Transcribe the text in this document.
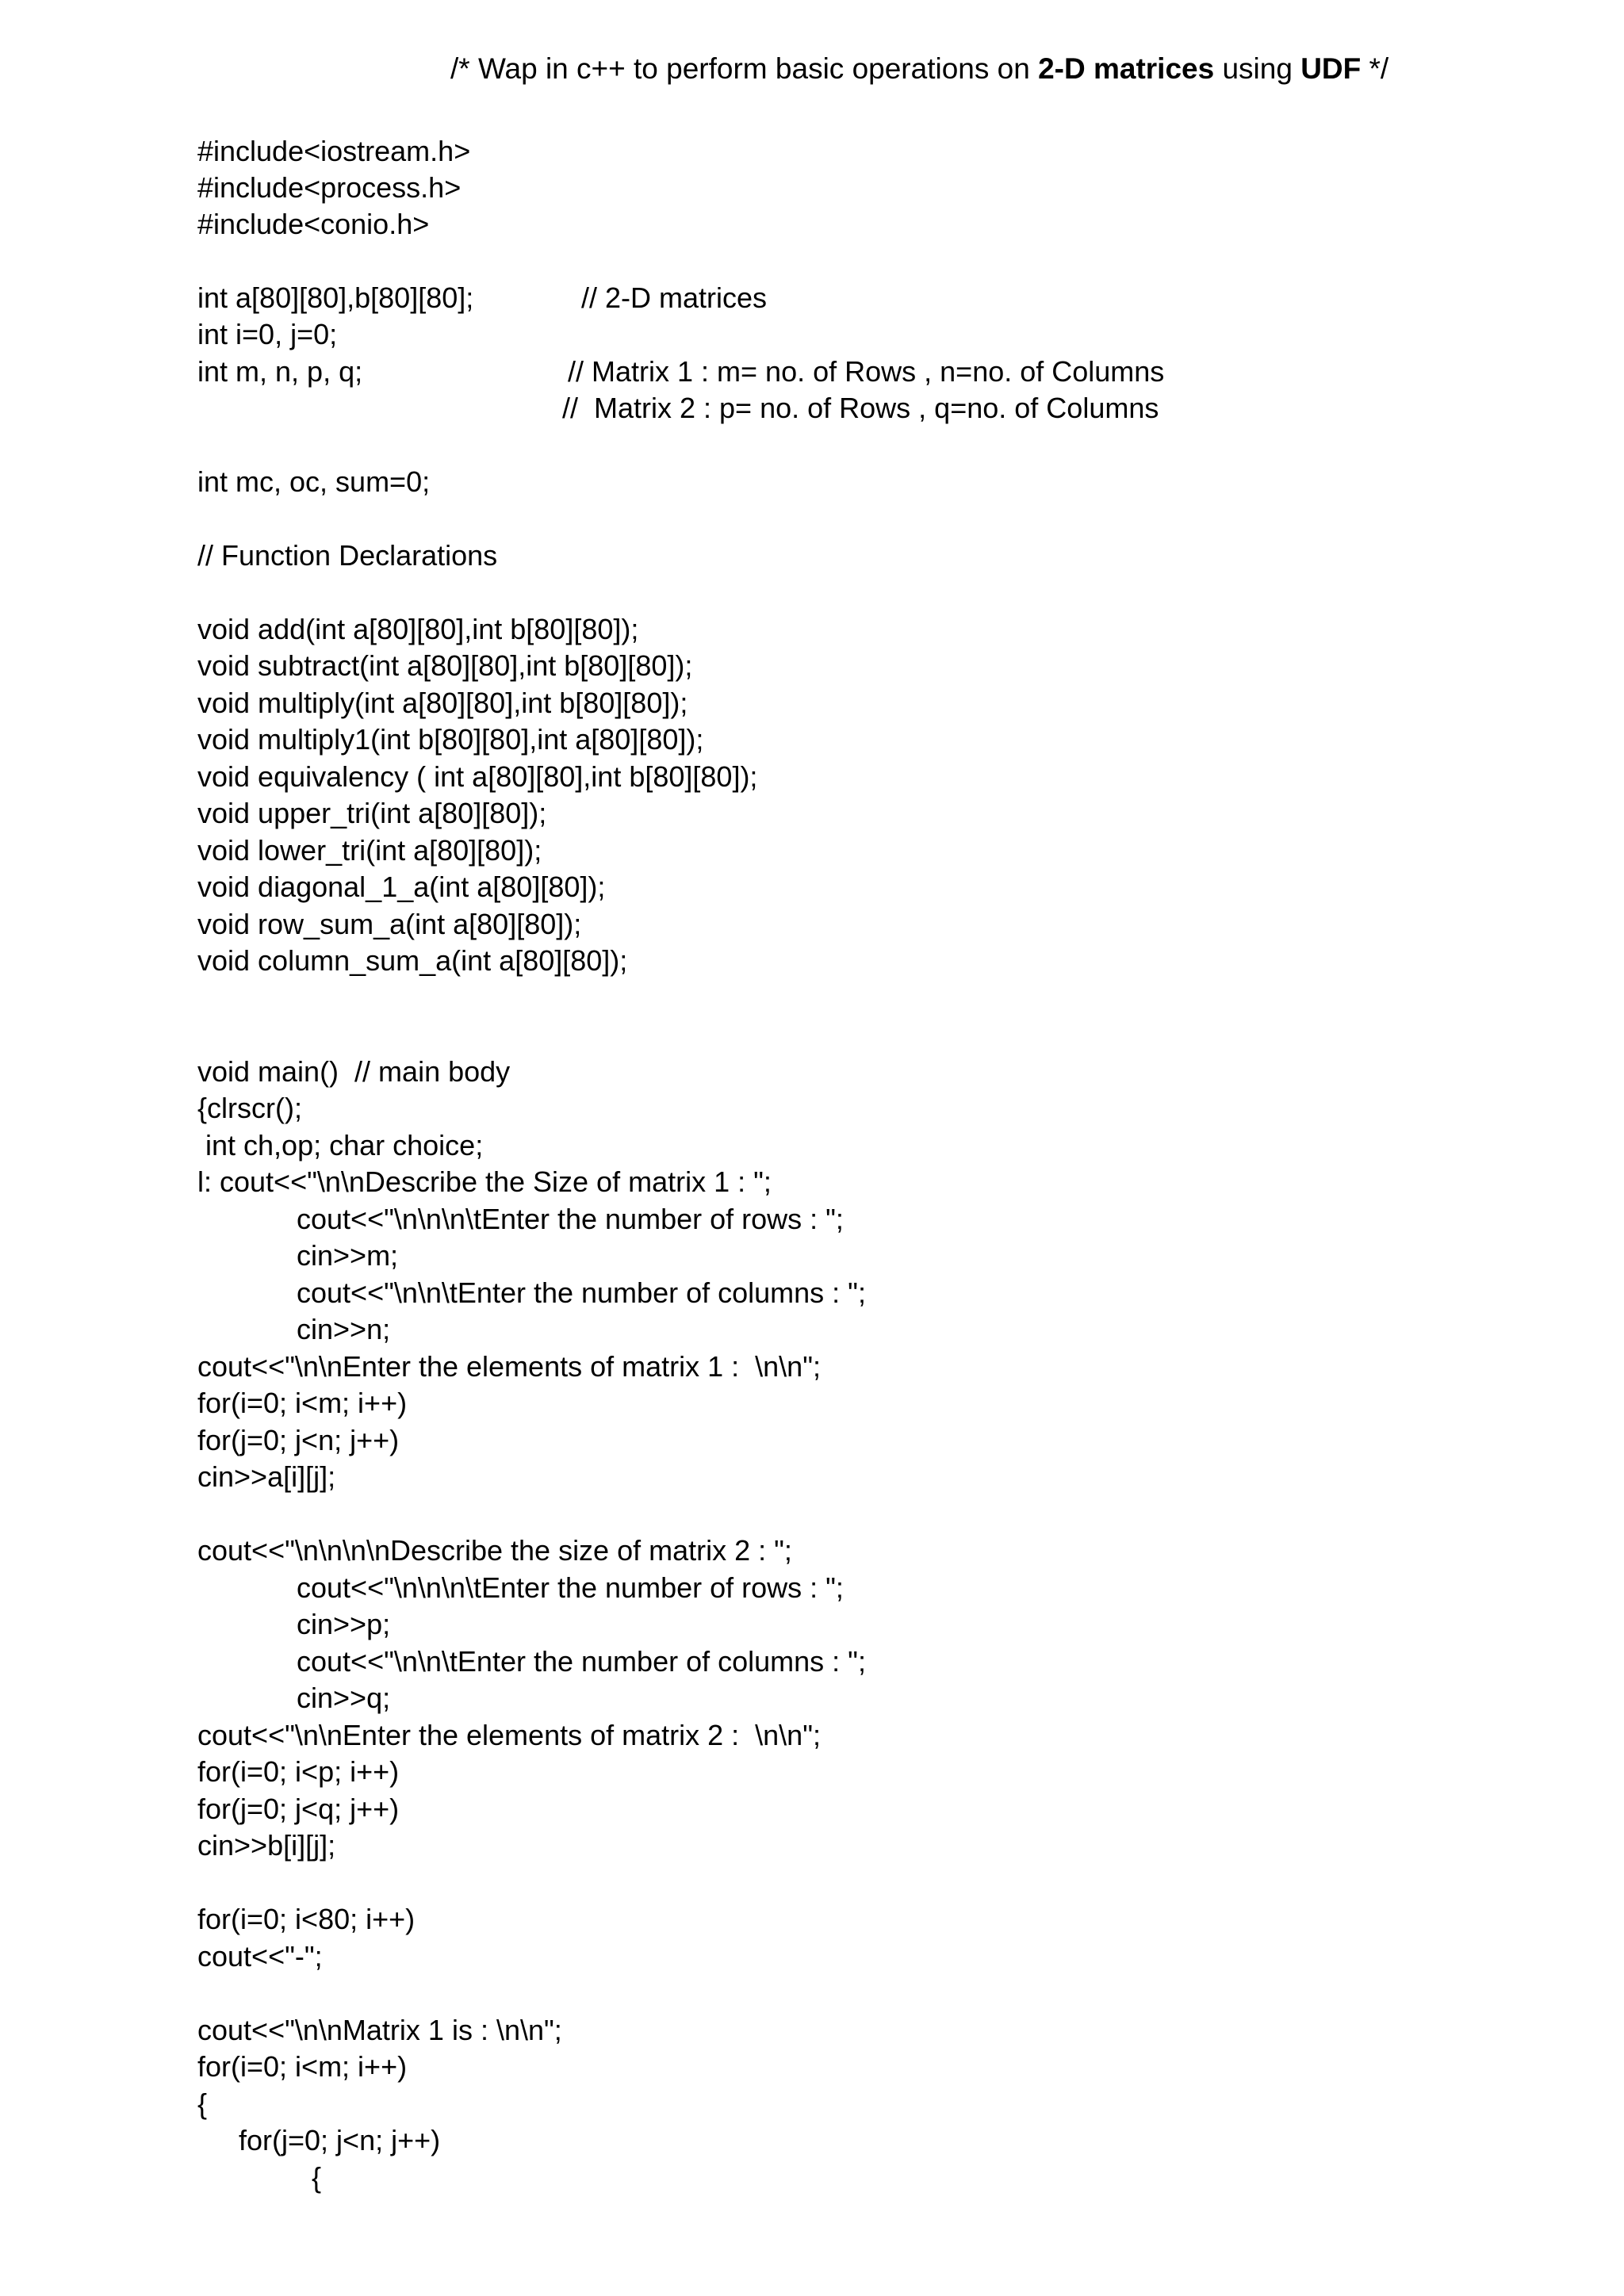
/* Wap in c++ to perform basic operations on 2-D matrices using UDF */

#include<iostream.h>

#include<process.h>

#include<conio.h>

int a[80][80],b[80][80];	// 2-D matrices

int i=0, j=0;

int m, n, p, q;	// Matrix 1 : m= no. of Rows , n=no. of Columns

//  Matrix 2 : p= no. of Rows , q=no. of Columns

int mc, oc, sum=0;

// Function Declarations

void add(int a[80][80],int b[80][80]);

void subtract(int a[80][80],int b[80][80]);

void multiply(int a[80][80],int b[80][80]);

void multiply1(int b[80][80],int a[80][80]);

void equivalency ( int a[80][80],int b[80][80]);

void upper_tri(int a[80][80]);

void lower_tri(int a[80][80]);

void diagonal_1_a(int a[80][80]);

void row_sum_a(int a[80][80]);

void column_sum_a(int a[80][80]);

void main()  // main body

{clrscr();

int ch,op; char choice;

l: cout<<"\n\nDescribe the Size of matrix 1 : ";

cout<<"\n\n\n\tEnter the number of rows : ";

cin>>m;

cout<<"\n\n\tEnter the number of columns : ";

cin>>n;

cout<<"\n\nEnter the elements of matrix 1 :  \n\n";

for(i=0; i<m; i++)

for(j=0; j<n; j++)

cin>>a[i][j];

cout<<"\n\n\n\nDescribe the size of matrix 2 : ";

cout<<"\n\n\n\tEnter the number of rows : ";

cin>>p;

cout<<"\n\n\tEnter the number of columns : ";

cin>>q;

cout<<"\n\nEnter the elements of matrix 2 :  \n\n";

for(i=0; i<p; i++)

for(j=0; j<q; j++)

cin>>b[i][j];

for(i=0; i<80; i++)

cout<<"-";

cout<<"\n\nMatrix 1 is : \n\n";

for(i=0; i<m; i++)

{

for(j=0; j<n; j++)

{
